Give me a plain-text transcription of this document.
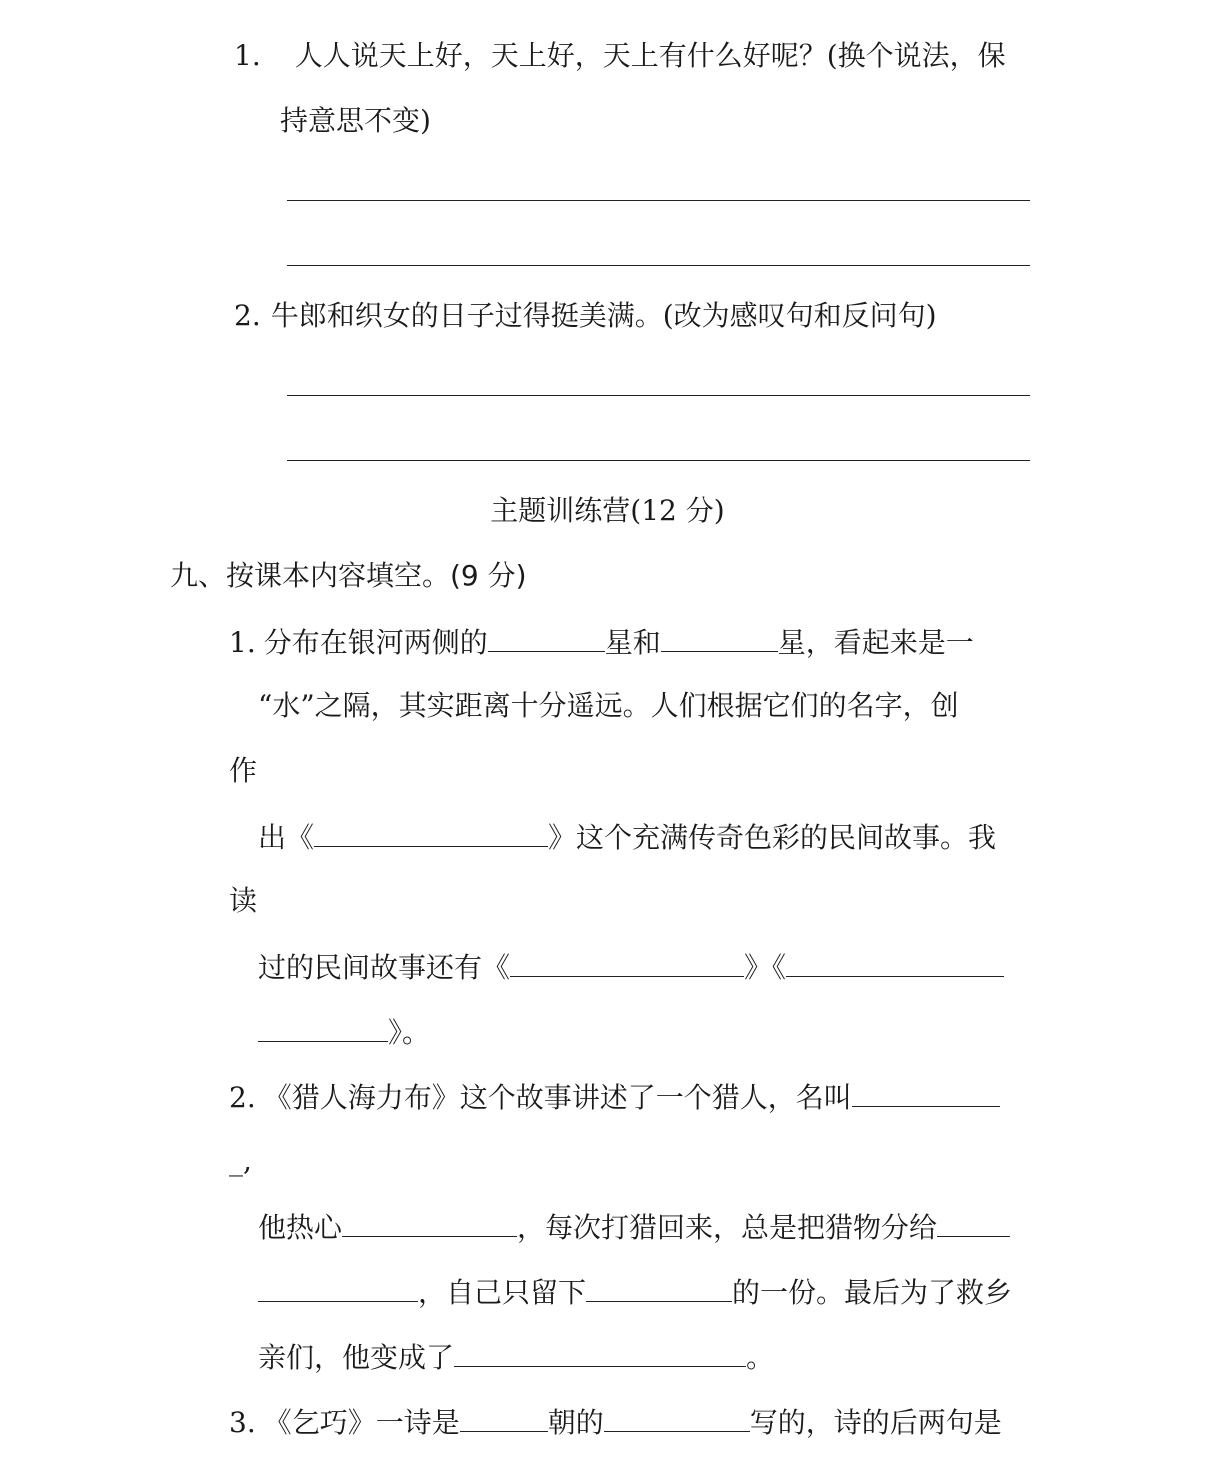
1. 人人说天上好，天上好，天上有什么好呢？(换个说法，保
持意思不变)
2. 牛郎和织女的日子过得挺美满。(改为感叹句和反问句)
主题训练营(12 分)
九、按课本内容填空。(9 分)
1. 分布在银河两侧的	星和	星，看起来是一
“水”之隔，其实距离十分遥远。人们根据它们的名字，创
作
出《	》这个充满传奇色彩的民间故事。我
读
过的民间故事还有《	》《
》。
2. 《猎人海力布》这个故事讲述了一个猎人，名叫
_,
他热心	，每次打猎回来，总是把猎物分给
，自己只留下	的一份。最后为了救乡
亲们，他变成了	。
3. 《乞巧》一诗是	朝的	写的，诗的后两句是
